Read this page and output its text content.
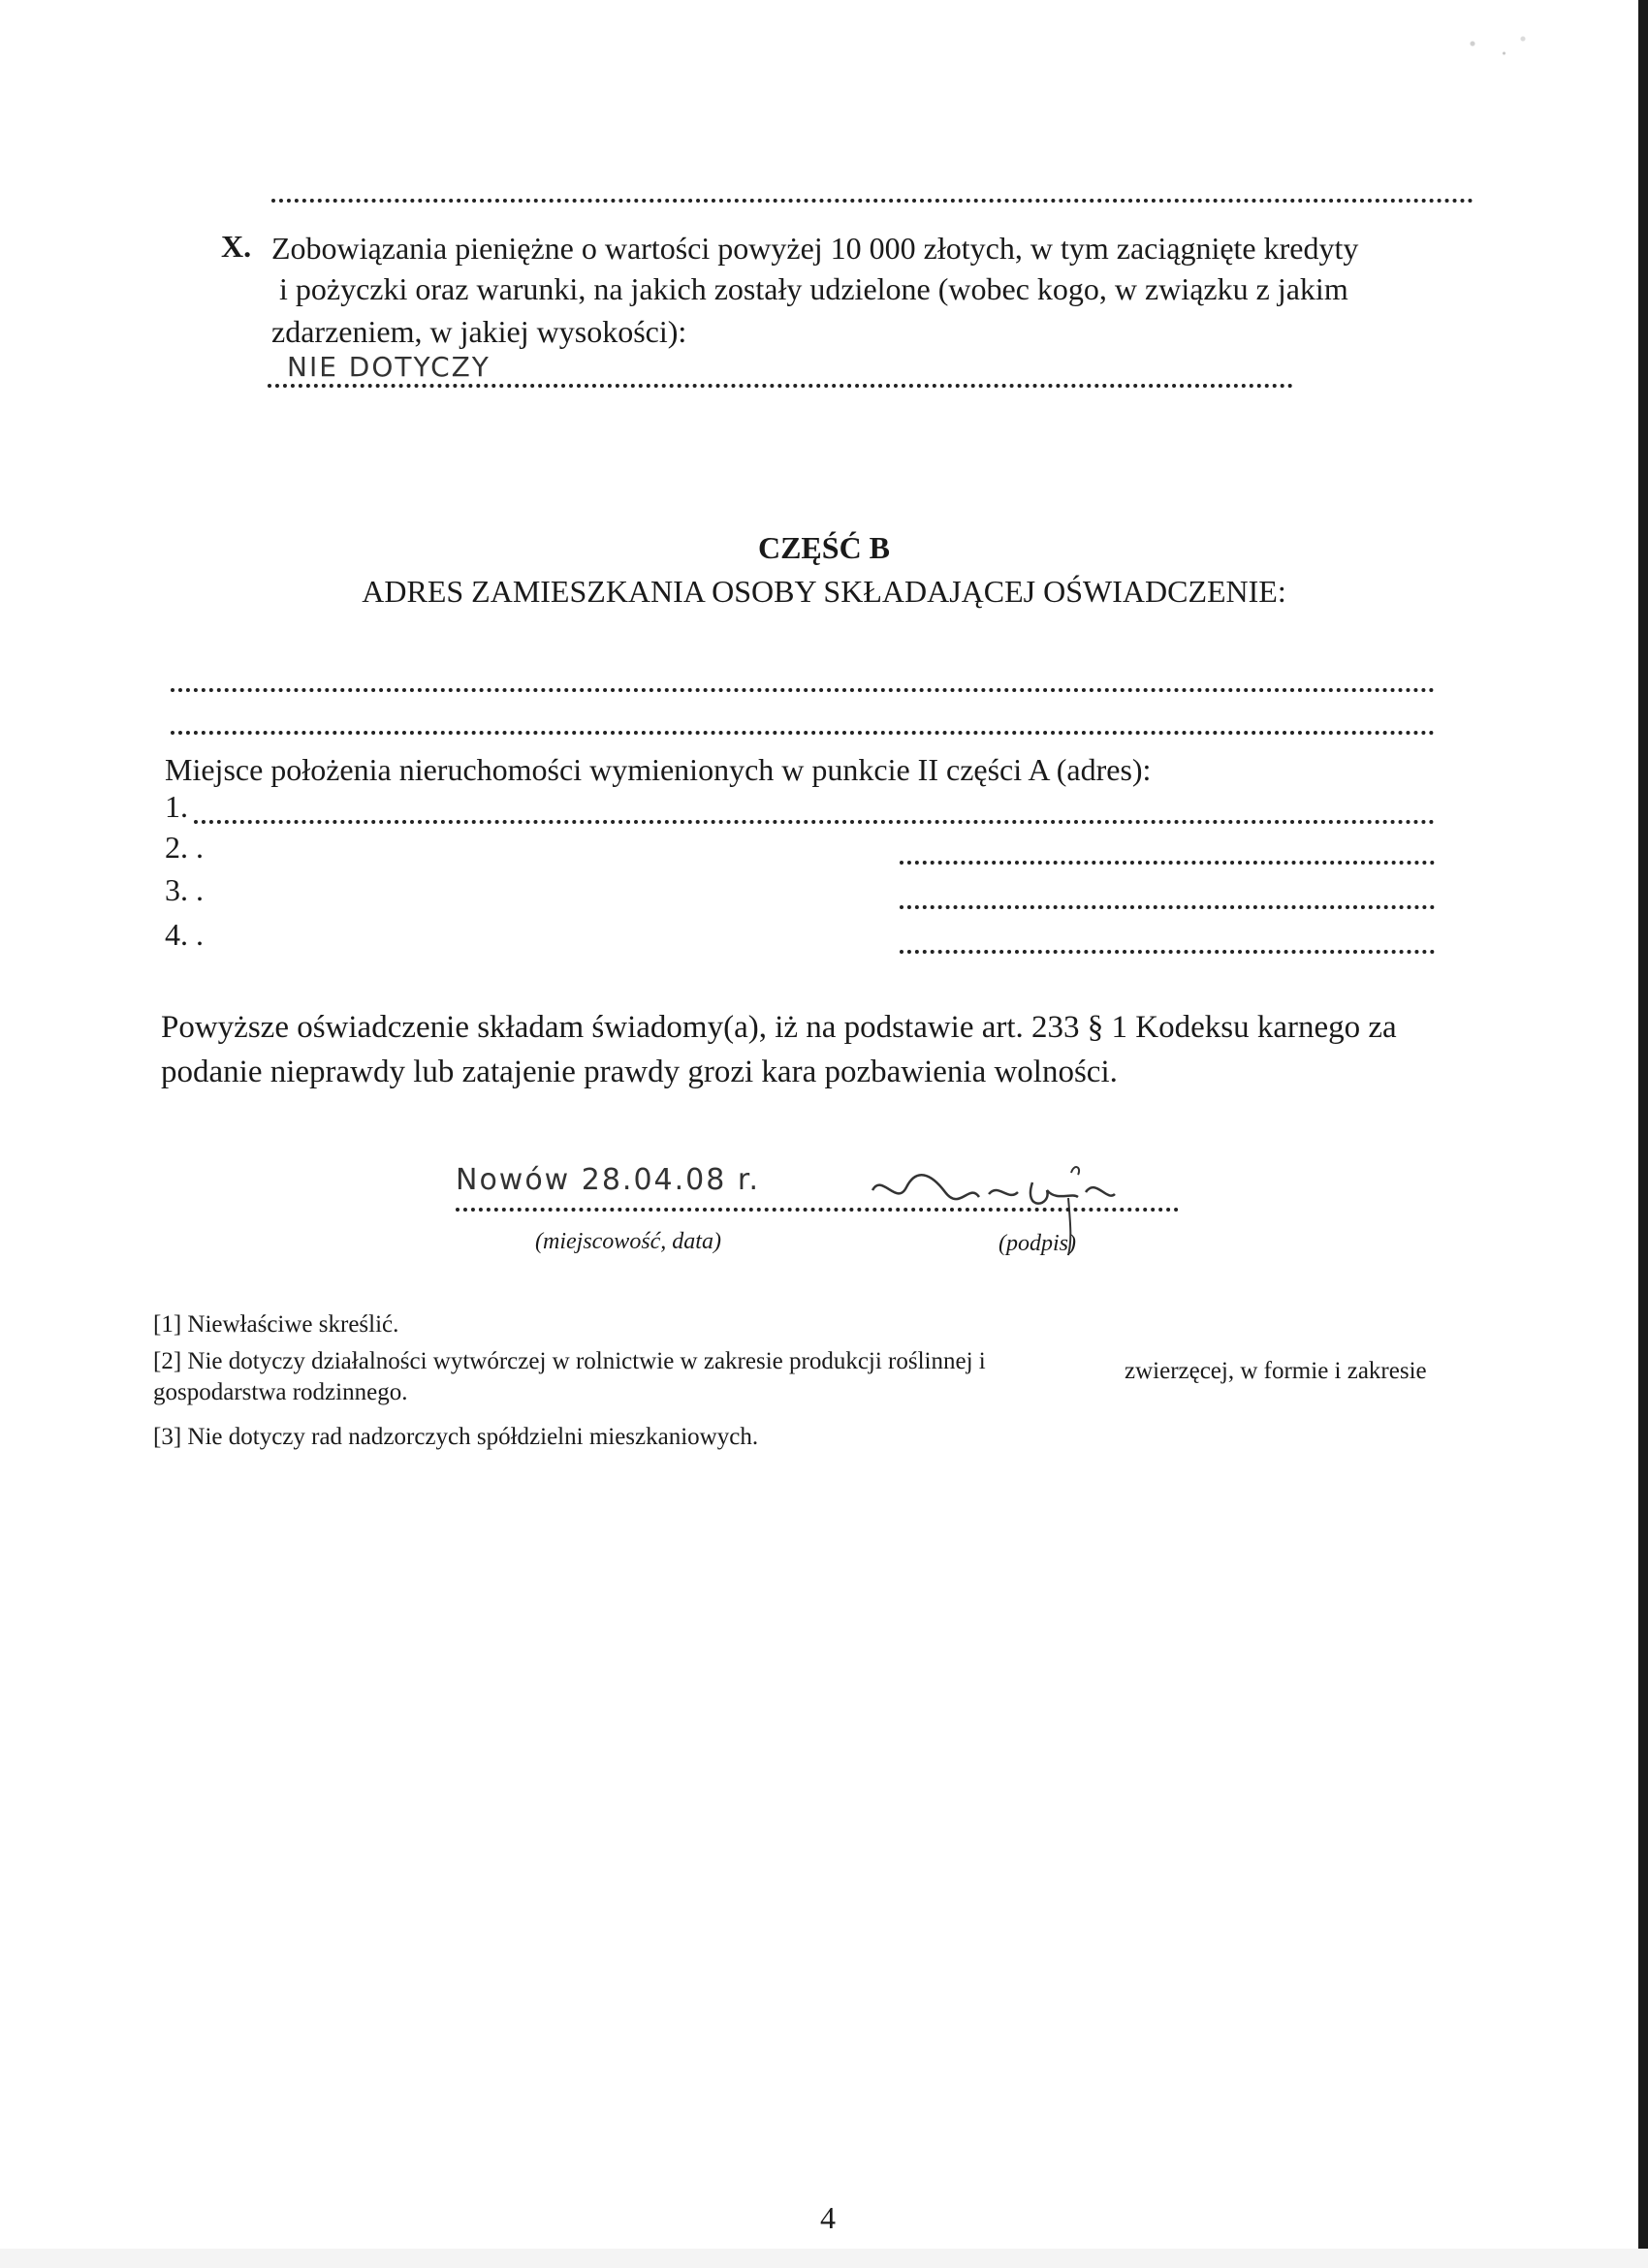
X. Zobowiązania pieniężne o wartości powyżej 10 000 złotych, w tym zaciągnięte kredyty
i pożyczki oraz warunki, na jakich zostały udzielone (wobec kogo, w związku z jakim
zdarzeniem, w jakiej wysokości):
NIE DOTYCZY
CZĘŚĆ B
ADRES ZAMIESZKANIA OSOBY SKŁADAJĄCEJ OŚWIADCZENIE:
Miejsce położenia nieruchomości wymienionych w punkcie II części A (adres):
1.
2. .
3. .
4. .
Powyższe oświadczenie składam świadomy(a), iż na podstawie art. 233 § 1 Kodeksu karnego za
podanie nieprawdy lub zatajenie prawdy grozi kara pozbawienia wolności.
Nowów 28.04.08 r.
(miejscowość, data)	(podpis)
[1] Niewłaściwe skreślić.
[2] Nie dotyczy działalności wytwórczej w rolnictwie w zakresie produkcji roślinnej i	zwierzęcej, w formie i zakresie
gospodarstwa rodzinnego.
[3] Nie dotyczy rad nadzorczych spółdzielni mieszkaniowych.
4
